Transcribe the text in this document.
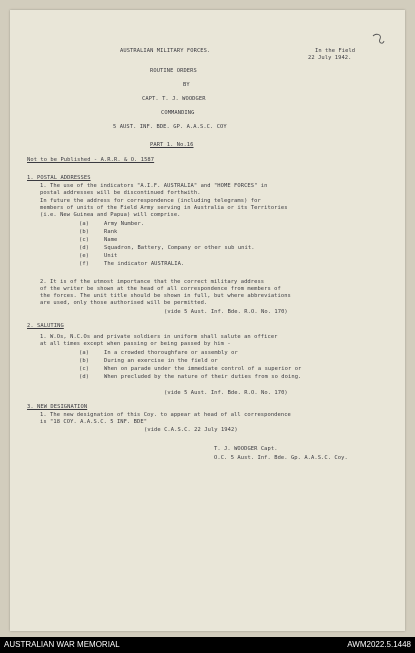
AUSTRALIAN MILITARY FORCES.	In the Field
22 July 1942.
ROUTINE ORDERS
BY
CAPT. T. J. WOODGER
COMMANDING
5 AUST. INF. BDE. GP. A.A.S.C. COY
PART 1. No.16
Not to be Published - A.R.R. & O. 1587
1. POSTAL ADDRESSES
1. The use of the indicators "A.I.F. AUSTRALIA" and "HOME FORCES" in
postal addresses will be discontinued forthwith.
In future the address for correspondence (including telegrams) for
members of units of the Field Army serving in Australia or its Territories
(i.e. New Guinea and Papua) will comprise.
(a)	Army Number.
(b)	Rank
(c)	Name
(d)	Squadron, Battery, Company or other sub unit.
(e)	Unit
(f)	The indicator AUSTRALIA.
2. It is of the utmost importance that the correct military address
of the writer be shown at the head of all correspondence from members of
the forces. The unit title should be shown in full, but where abbreviations
are used, only those authorised will be permitted.
(vide 5 Aust. Inf. Bde. R.O. No. 170)
2. SALUTING
1. W.Os, N.C.Os and private soldiers in uniform shall salute an officer
at all times except when passing or being passed by him -
(a)	In a crowded thoroughfare or assembly or
(b)	During an exercise in the field or
(c)	When on parade under the immediate control of a superior or
(d)	When precluded by the nature of their duties from so doing.
(vide 5 Aust. Inf. Bde. R.O. No. 170)
3. NEW DESIGNATION
1. The new designation of this Coy. to appear at head of all correspondence
is "18 COY. A.A.S.C. 5 INF. BDE"
(vide C.A.S.C. 22 July 1942)
T. J. WOODGER Capt.
O.C. 5 Aust. Inf. Bde. Gp. A.A.S.C. Coy.
AUSTRALIAN WAR MEMORIAL	AWM2022.5.1448
